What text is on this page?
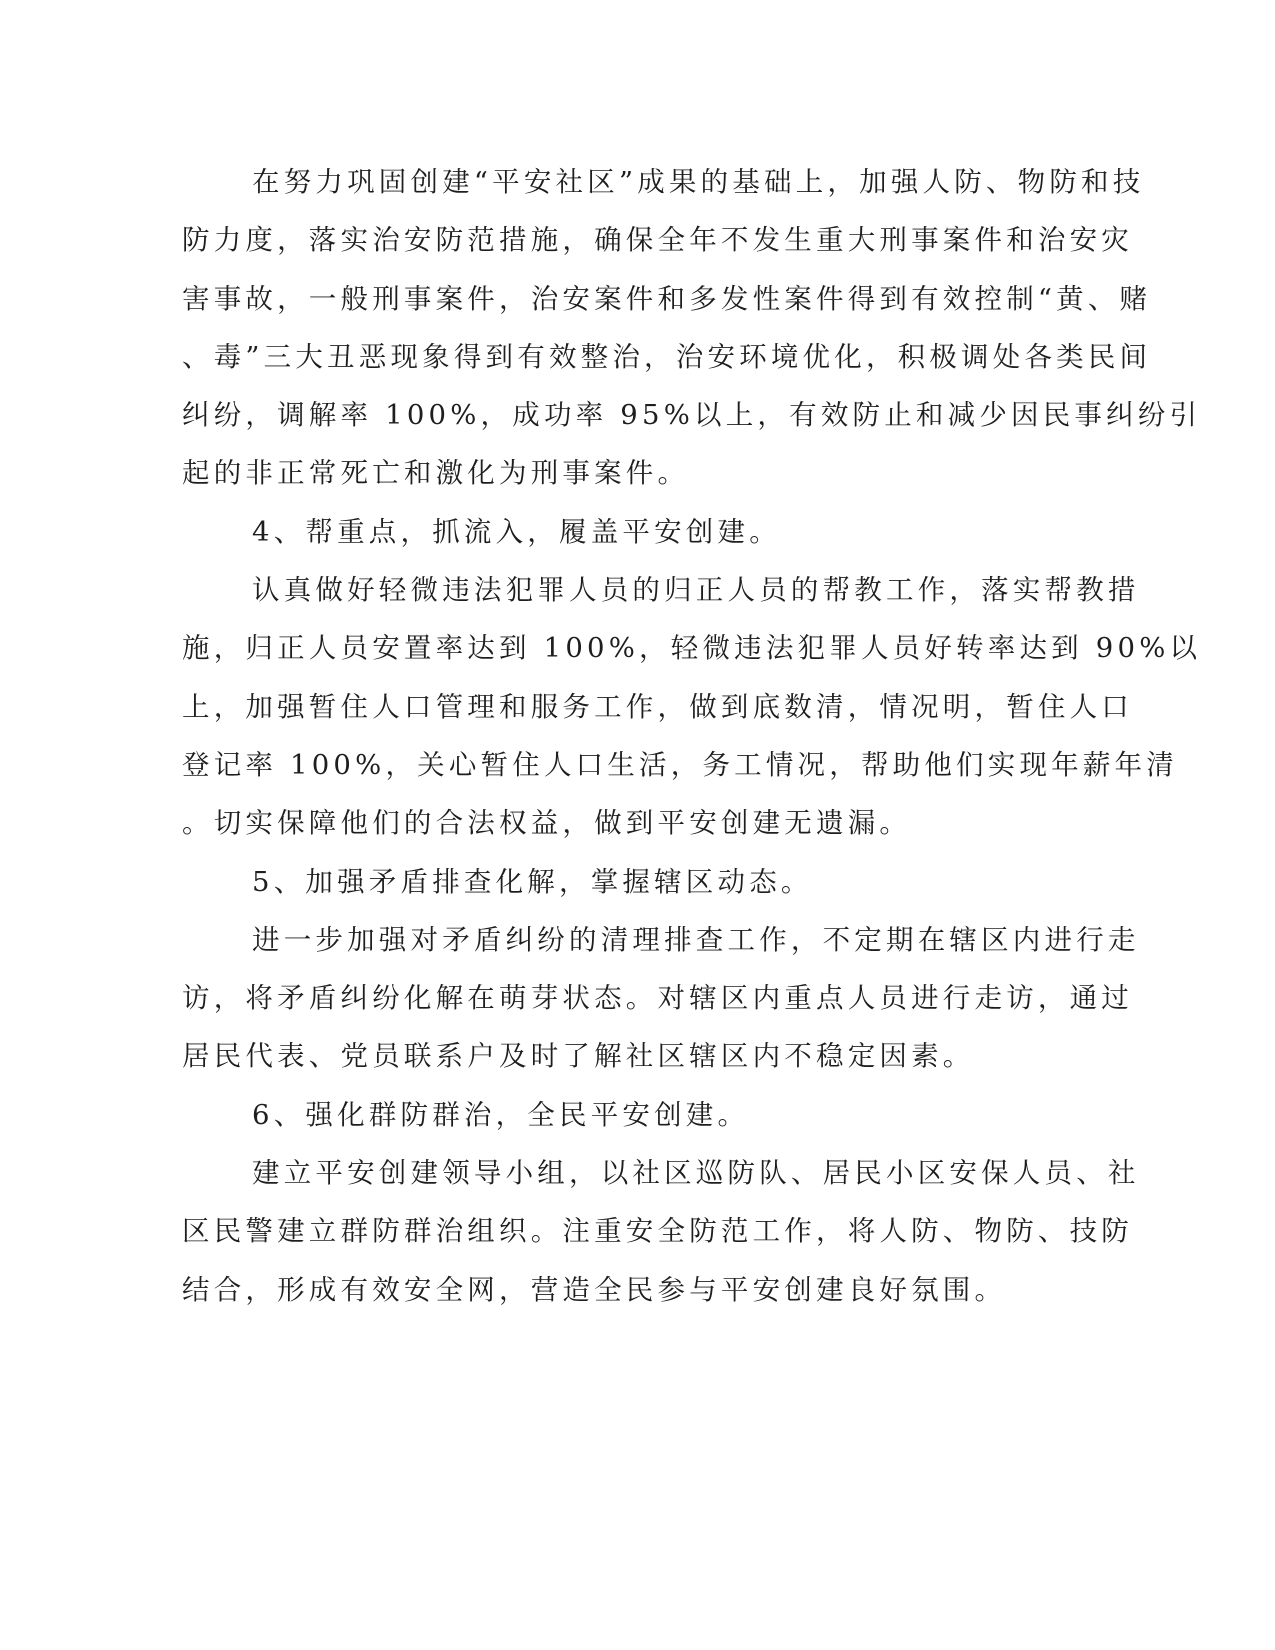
在努力巩固创建“平安社区”成果的基础上，加强人防、物防和技
防力度，落实治安防范措施，确保全年不发生重大刑事案件和治安灾
害事故，一般刑事案件，治安案件和多发性案件得到有效控制“黄、赌
、毒”三大丑恶现象得到有效整治，治安环境优化，积极调处各类民间
纠纷，调解率 100%，成功率 95%以上，有效防止和减少因民事纠纷引
起的非正常死亡和激化为刑事案件。
4、帮重点，抓流入，履盖平安创建。
认真做好轻微违法犯罪人员的归正人员的帮教工作，落实帮教措
施，归正人员安置率达到 100%，轻微违法犯罪人员好转率达到 90%以
上，加强暂住人口管理和服务工作，做到底数清，情况明，暂住人口
登记率 100%，关心暂住人口生活，务工情况，帮助他们实现年薪年清
。切实保障他们的合法权益，做到平安创建无遗漏。
5、加强矛盾排查化解，掌握辖区动态。
进一步加强对矛盾纠纷的清理排查工作，不定期在辖区内进行走
访，将矛盾纠纷化解在萌芽状态。对辖区内重点人员进行走访，通过
居民代表、党员联系户及时了解社区辖区内不稳定因素。
6、强化群防群治，全民平安创建。
建立平安创建领导小组，以社区巡防队、居民小区安保人员、社
区民警建立群防群治组织。注重安全防范工作，将人防、物防、技防
结合，形成有效安全网，营造全民参与平安创建良好氛围。
